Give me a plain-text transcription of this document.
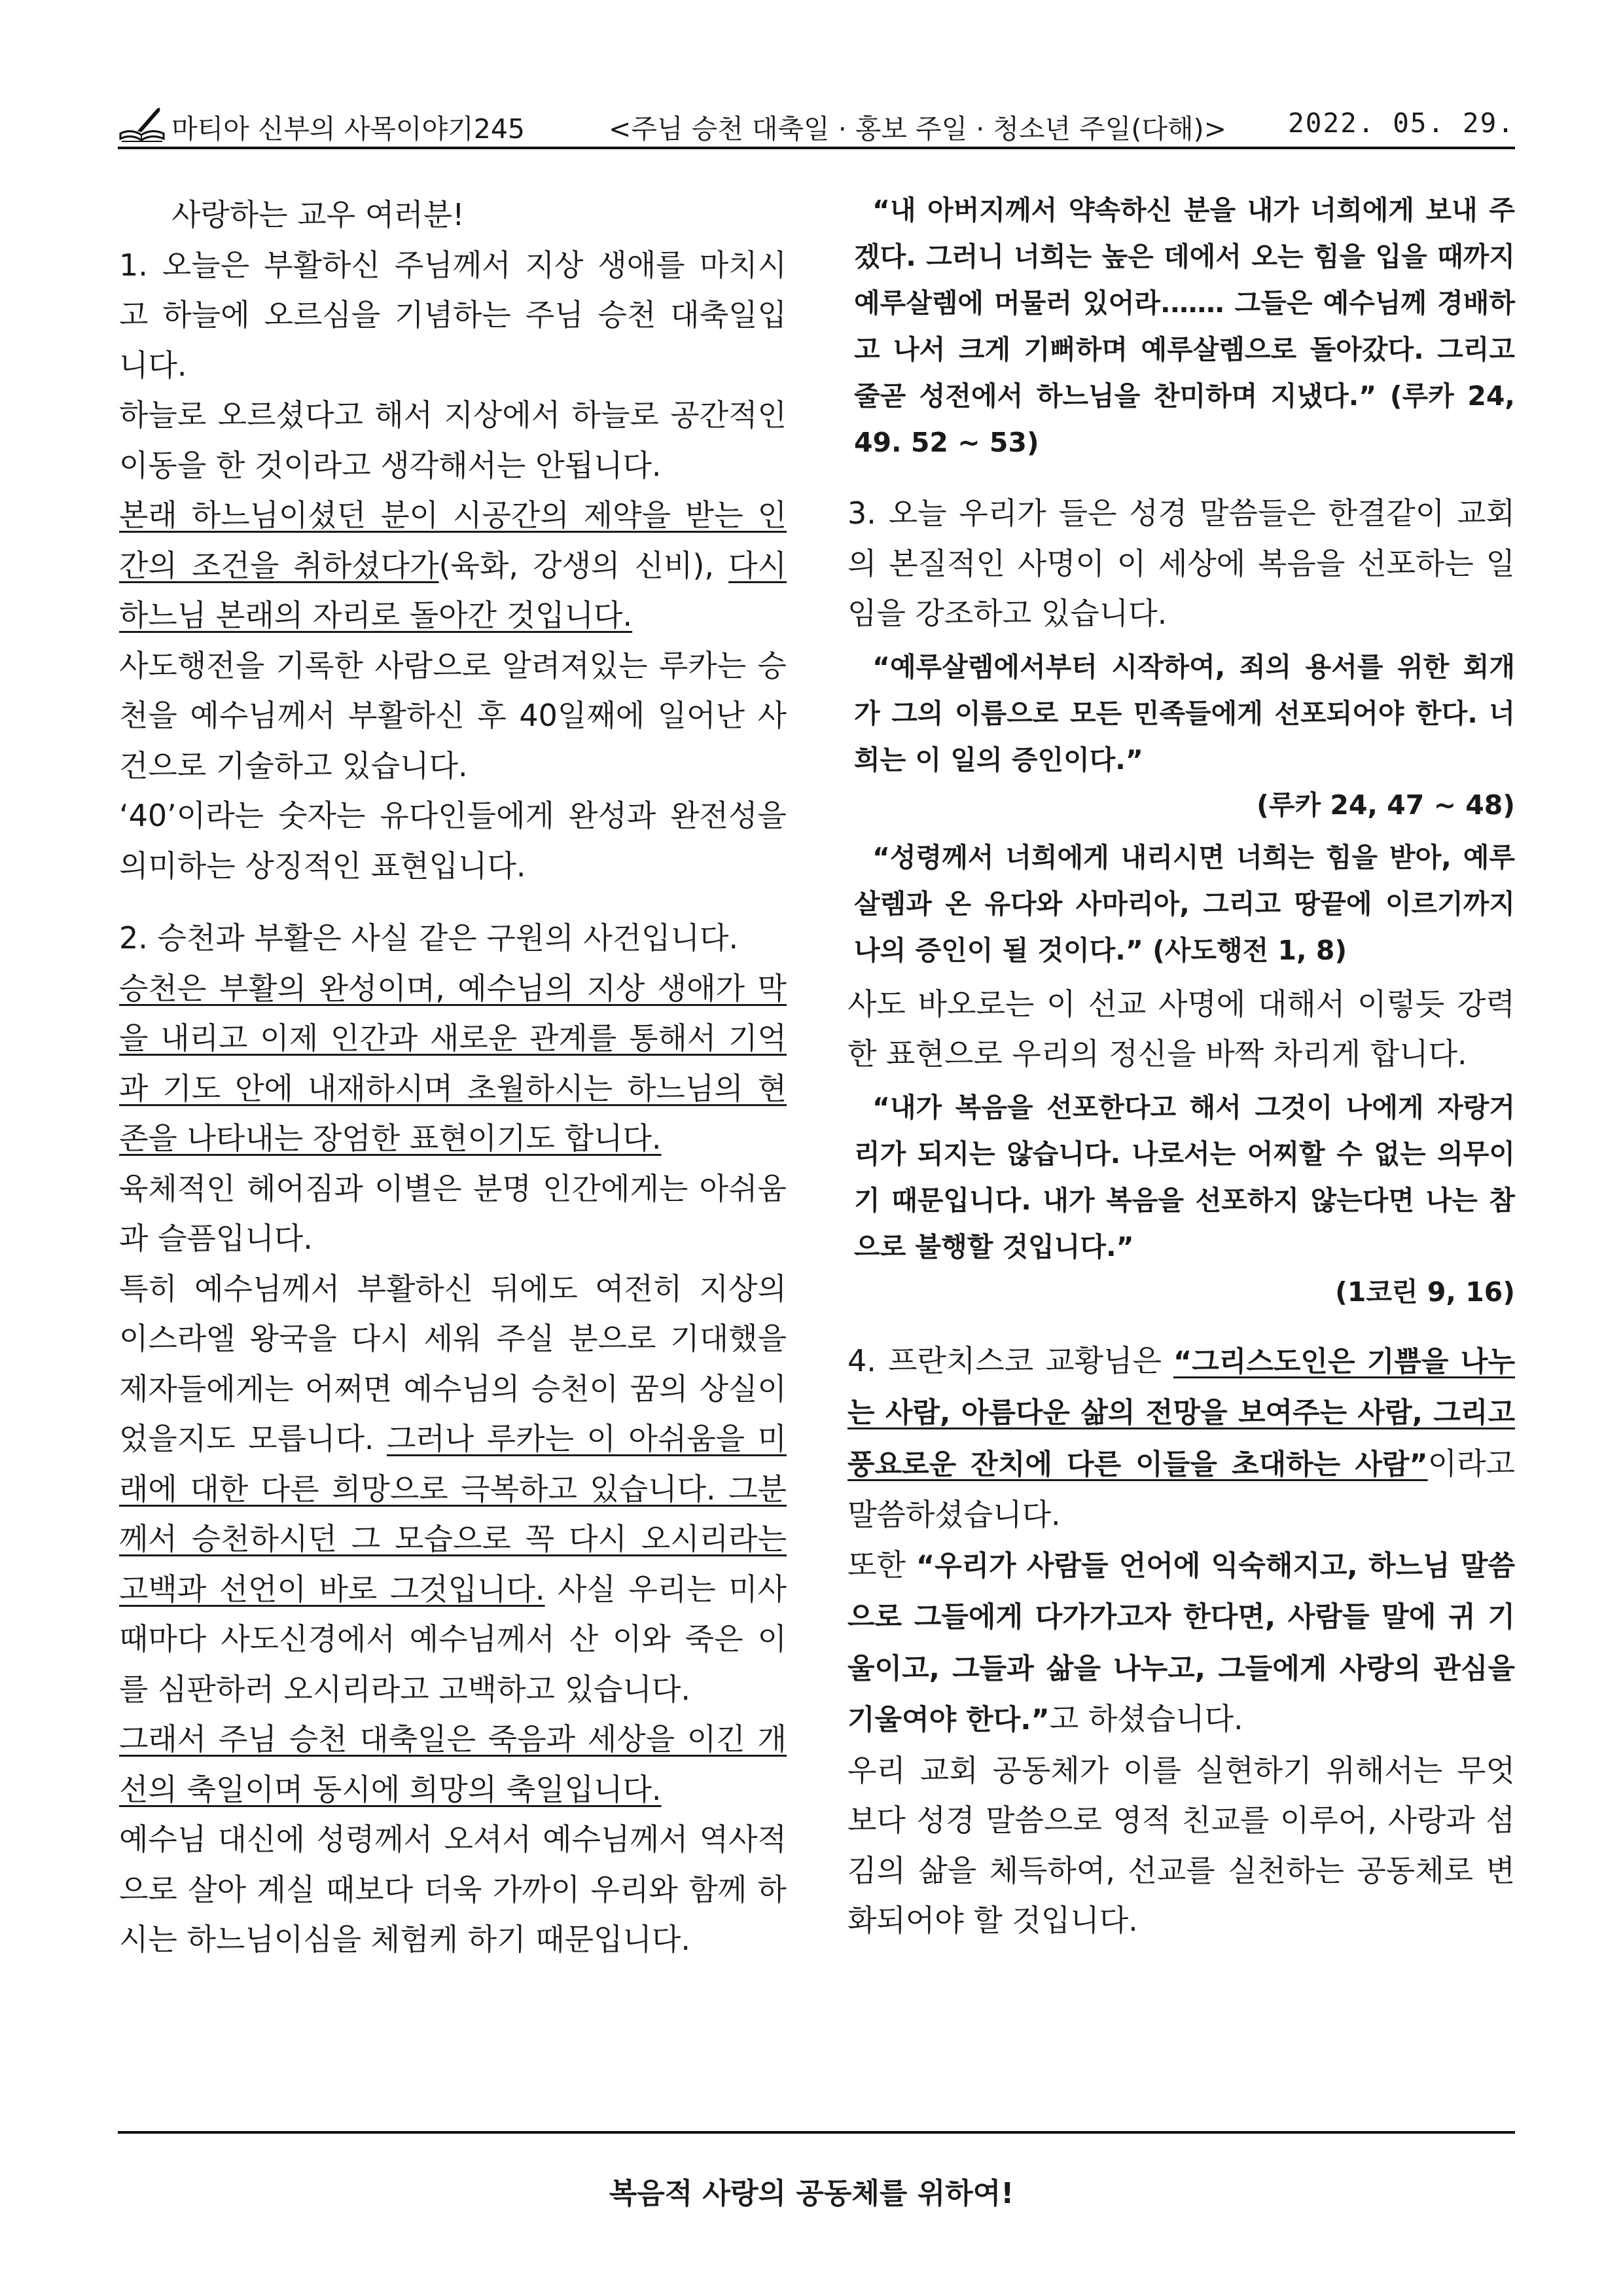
마티아 신부의 사목이야기245	<주님 승천 대축일 · 홍보 주일 · 청소년 주일(다해)> 2022. 05. 29.

사랑하는 교우 여러분!

1. 오늘은 부활하신 주님께서 지상 생애를 마치시고 하늘에 오르심을 기념하는 주님 승천 대축일입니다.

하늘로 오르셨다고 해서 지상에서 하늘로 공간적인 이동을 한 것이라고 생각해서는 안됩니다.

본래 하느님이셨던 분이 시공간의 제약을 받는 인간의 조건을 취하셨다가(육화, 강생의 신비), 다시 하느님 본래의 자리로 돌아간 것입니다.

사도행전을 기록한 사람으로 알려져있는 루카는 승천을 예수님께서 부활하신 후 40일째에 일어난 사건으로 기술하고 있습니다.

‘40’이라는 숫자는 유다인들에게 완성과 완전성을 의미하는 상징적인 표현입니다.

2. 승천과 부활은 사실 같은 구원의 사건입니다.

승천은 부활의 완성이며, 예수님의 지상 생애가 막을 내리고 이제 인간과 새로운 관계를 통해서 기억과 기도 안에 내재하시며 초월하시는 하느님의 현존을 나타내는 장엄한 표현이기도 합니다.

육체적인 헤어짐과 이별은 분명 인간에게는 아쉬움과 슬픔입니다.

특히 예수님께서 부활하신 뒤에도 여전히 지상의 이스라엘 왕국을 다시 세워 주실 분으로 기대했을 제자들에게는 어쩌면 예수님의 승천이 꿈의 상실이었을지도 모릅니다. 그러나 루카는 이 아쉬움을 미래에 대한 다른 희망으로 극복하고 있습니다. 그분께서 승천하시던 그 모습으로 꼭 다시 오시리라는 고백과 선언이 바로 그것입니다. 사실 우리는 미사 때마다 사도신경에서 예수님께서 산 이와 죽은 이를 심판하러 오시리라고 고백하고 있습니다.

그래서 주님 승천 대축일은 죽음과 세상을 이긴 개선의 축일이며 동시에 희망의 축일입니다.

예수님 대신에 성령께서 오셔서 예수님께서 역사적으로 살아 계실 때보다 더욱 가까이 우리와 함께 하시는 하느님이심을 체험케 하기 때문입니다.

“내 아버지께서 약속하신 분을 내가 너희에게 보내 주겠다. 그러니 너희는 높은 데에서 오는 힘을 입을 때까지 예루살렘에 머물러 있어라.…… 그들은 예수님께 경배하고 나서 크게 기뻐하며 예루살렘으로 돌아갔다. 그리고 줄곧 성전에서 하느님을 찬미하며 지냈다.” (루카 24, 49. 52 ~ 53)

3. 오늘 우리가 들은 성경 말씀들은 한결같이 교회의 본질적인 사명이 이 세상에 복음을 선포하는 일임을 강조하고 있습니다.

“예루살렘에서부터 시작하여, 죄의 용서를 위한 회개가 그의 이름으로 모든 민족들에게 선포되어야 한다. 너희는 이 일의 증인이다.”

(루카 24, 47 ~ 48)

“성령께서 너희에게 내리시면 너희는 힘을 받아, 예루살렘과 온 유다와 사마리아, 그리고 땅끝에 이르기까지 나의 증인이 될 것이다.” (사도행전 1, 8)

사도 바오로는 이 선교 사명에 대해서 이렇듯 강력한 표현으로 우리의 정신을 바짝 차리게 합니다.

“내가 복음을 선포한다고 해서 그것이 나에게 자랑거리가 되지는 않습니다. 나로서는 어찌할 수 없는 의무이기 때문입니다. 내가 복음을 선포하지 않는다면 나는 참으로 불행할 것입니다.”

(1코린 9, 16)

4. 프란치스코 교황님은 “그리스도인은 기쁨을 나누는 사람, 아름다운 삶의 전망을 보여주는 사람, 그리고 풍요로운 잔치에 다른 이들을 초대하는 사람”이라고 말씀하셨습니다.

또한 “우리가 사람들 언어에 익숙해지고, 하느님 말씀으로 그들에게 다가가고자 한다면, 사람들 말에 귀 기울이고, 그들과 삶을 나누고, 그들에게 사랑의 관심을 기울여야 한다.”고 하셨습니다.

우리 교회 공동체가 이를 실현하기 위해서는 무엇보다 성경 말씀으로 영적 친교를 이루어, 사랑과 섬김의 삶을 체득하여, 선교를 실천하는 공동체로 변화되어야 할 것입니다.

복음적 사랑의 공동체를 위하여!
